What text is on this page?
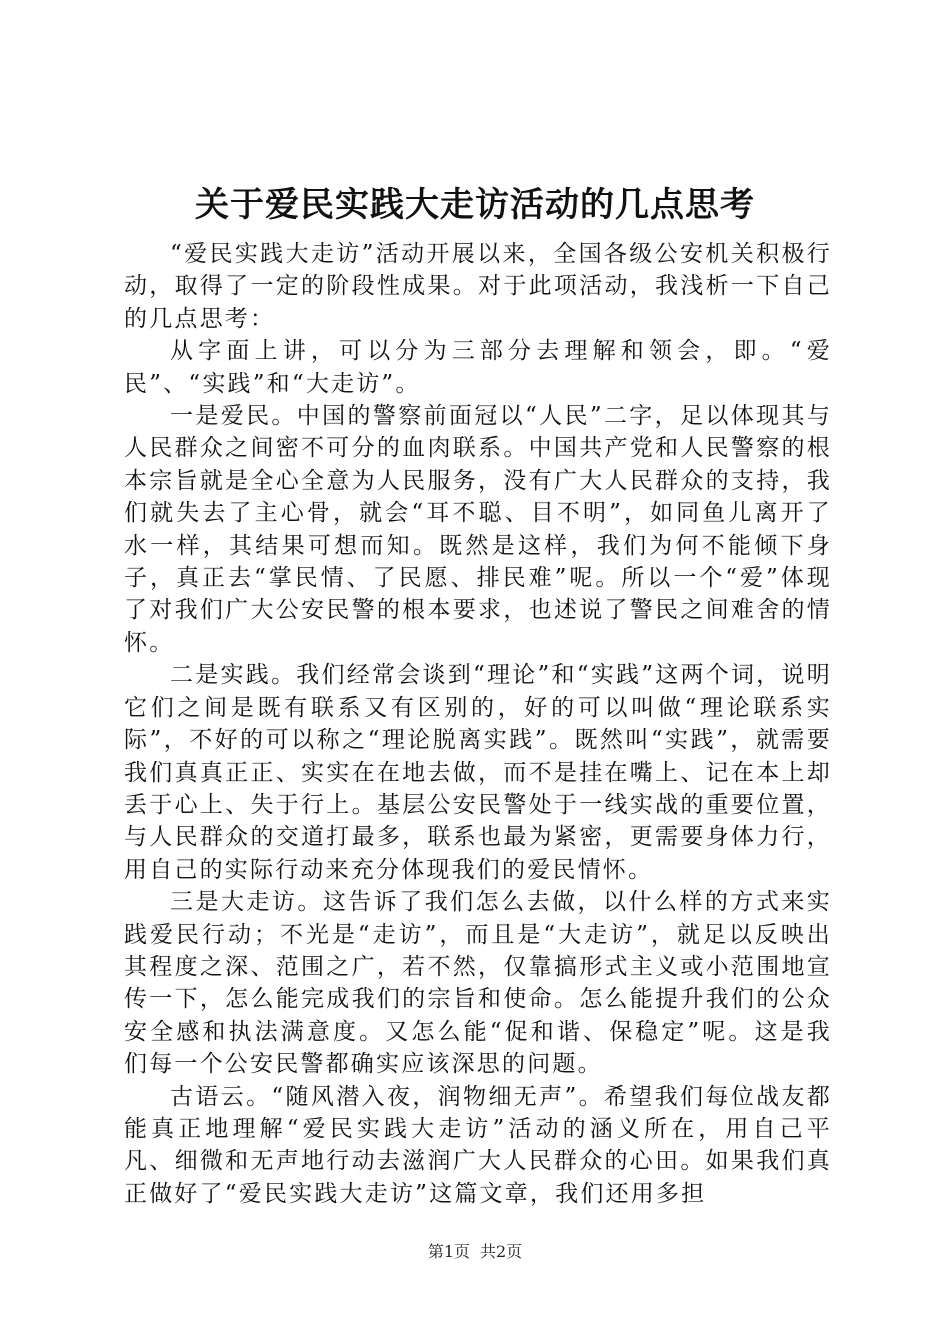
关于爱民实践大走访活动的几点思考

“爱民实践大走访”活动开展以来，全国各级公安机关积极行动，取得了一定的阶段性成果。对于此项活动，我浅析一下自己的几点思考：

从字面上讲，可以分为三部分去理解和领会，即。“爱民”、“实践”和“大走访”。

一是爱民。中国的警察前面冠以“人民”二字，足以体现其与人民群众之间密不可分的血肉联系。中国共产党和人民警察的根本宗旨就是全心全意为人民服务，没有广大人民群众的支持，我们就失去了主心骨，就会“耳不聪、目不明”，如同鱼儿离开了水一样，其结果可想而知。既然是这样，我们为何不能倾下身子，真正去“掌民情、了民愿、排民难”呢。所以一个“爱”体现了对我们广大公安民警的根本要求，也述说了警民之间难舍的情怀。

二是实践。我们经常会谈到“理论”和“实践”这两个词，说明它们之间是既有联系又有区别的，好的可以叫做“理论联系实际”，不好的可以称之“理论脱离实践”。既然叫“实践”，就需要我们真真正正、实实在在地去做，而不是挂在嘴上、记在本上却丢于心上、失于行上。基层公安民警处于一线实战的重要位置，与人民群众的交道打最多，联系也最为紧密，更需要身体力行，用自己的实际行动来充分体现我们的爱民情怀。

三是大走访。这告诉了我们怎么去做，以什么样的方式来实践爱民行动；不光是“走访”，而且是“大走访”，就足以反映出其程度之深、范围之广，若不然，仅靠搞形式主义或小范围地宣传一下，怎么能完成我们的宗旨和使命。怎么能提升我们的公众安全感和执法满意度。又怎么能“促和谐、保稳定”呢。这是我们每一个公安民警都确实应该深思的问题。

古语云。“随风潜入夜，润物细无声”。希望我们每位战友都能真正地理解“爱民实践大走访”活动的涵义所在，用自己平凡、细微和无声地行动去滋润广大人民群众的心田。如果我们真正做好了“爱民实践大走访”这篇文章，我们还用多担

第1页 共2页
